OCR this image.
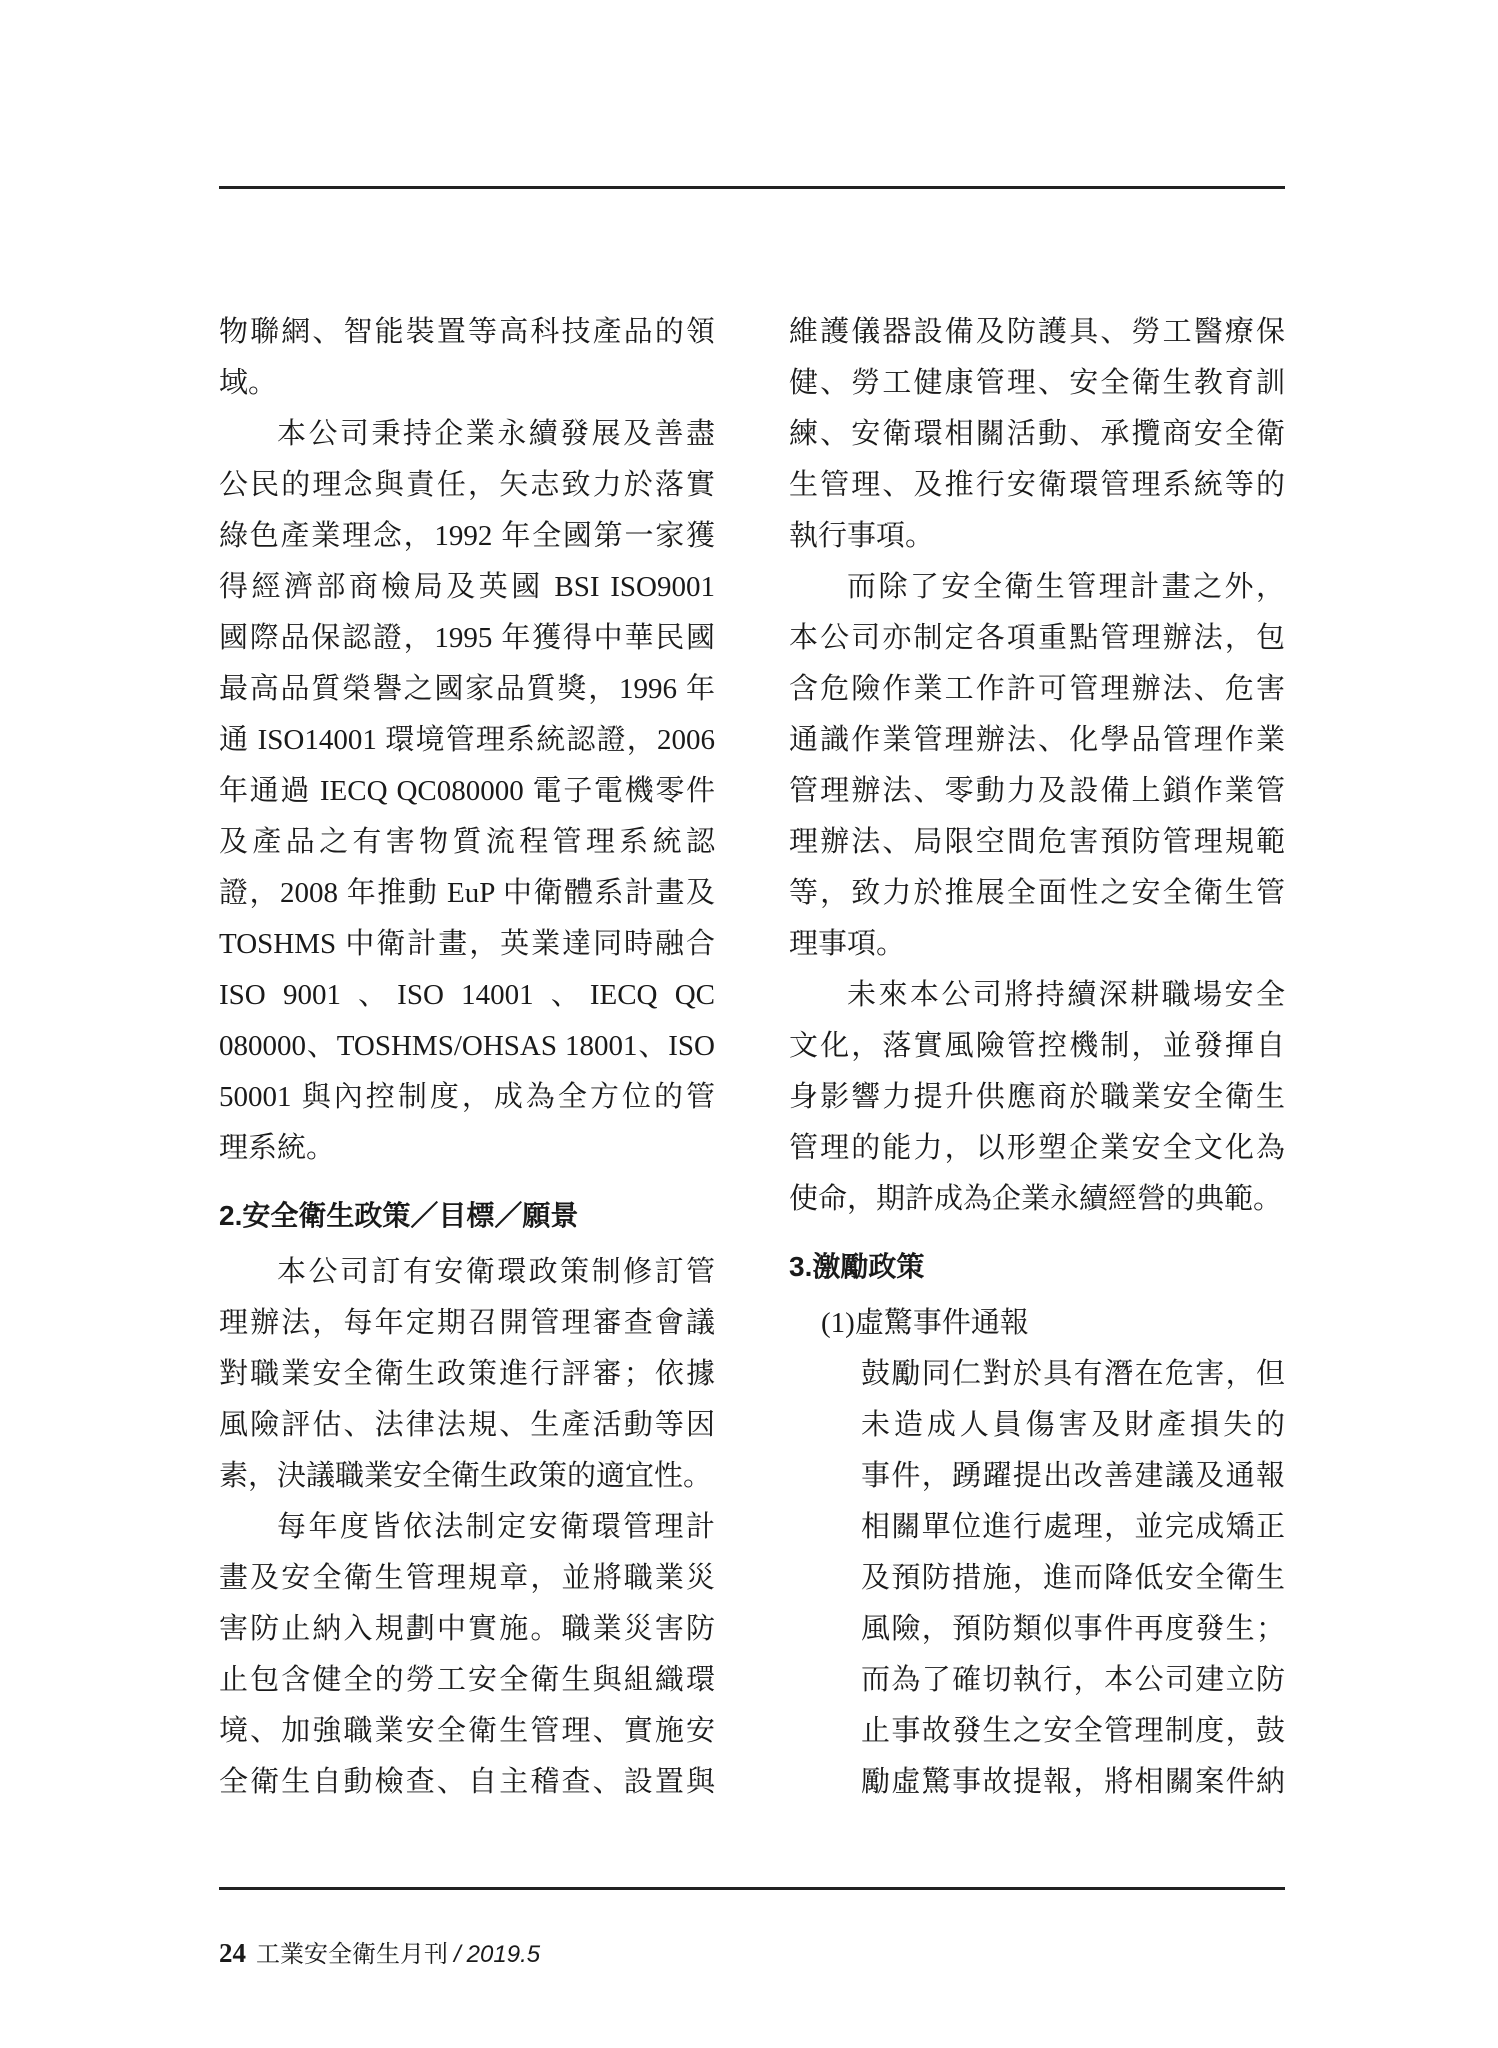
物聯網、智能裝置等高科技產品的領
域。
本公司秉持企業永續發展及善盡
公民的理念與責任，矢志致力於落實
綠色產業理念，1992 年全國第一家獲
得經濟部商檢局及英國 BSI ISO9001
國際品保認證，1995 年獲得中華民國
最高品質榮譽之國家品質獎，1996 年
通 ISO14001 環境管理系統認證，2006
年通過 IECQ QC080000 電子電機零件
及產品之有害物質流程管理系統認
證，2008 年推動 EuP 中衛體系計畫及
TOSHMS 中衛計畫，英業達同時融合
ISO 9001 、ISO 14001 、IECQ QC
080000、TOSHMS/OHSAS 18001、ISO
50001 與內控制度，成為全方位的管
理系統。
2.安全衛生政策／目標／願景
本公司訂有安衛環政策制修訂管
理辦法，每年定期召開管理審查會議
對職業安全衛生政策進行評審；依據
風險評估、法律法規、生產活動等因
素，決議職業安全衛生政策的適宜性。
每年度皆依法制定安衛環管理計
畫及安全衛生管理規章，並將職業災
害防止納入規劃中實施。職業災害防
止包含健全的勞工安全衛生與組織環
境、加強職業安全衛生管理、實施安
全衛生自動檢查、自主稽查、設置與
維護儀器設備及防護具、勞工醫療保
健、勞工健康管理、安全衛生教育訓
練、安衛環相關活動、承攬商安全衛
生管理、及推行安衛環管理系統等的
執行事項。
而除了安全衛生管理計畫之外，
本公司亦制定各項重點管理辦法，包
含危險作業工作許可管理辦法、危害
通識作業管理辦法、化學品管理作業
管理辦法、零動力及設備上鎖作業管
理辦法、局限空間危害預防管理規範
等，致力於推展全面性之安全衛生管
理事項。
未來本公司將持續深耕職場安全
文化，落實風險管控機制，並發揮自
身影響力提升供應商於職業安全衛生
管理的能力，以形塑企業安全文化為
使命，期許成為企業永續經營的典範。
3.激勵政策
(1)虛驚事件通報
鼓勵同仁對於具有潛在危害，但
未造成人員傷害及財產損失的
事件，踴躍提出改善建議及通報
相關單位進行處理，並完成矯正
及預防措施，進而降低安全衛生
風險，預防類似事件再度發生；
而為了確切執行，本公司建立防
止事故發生之安全管理制度，鼓
勵虛驚事故提報，將相關案件納
24 工業安全衛生月刊 / 2019.5
